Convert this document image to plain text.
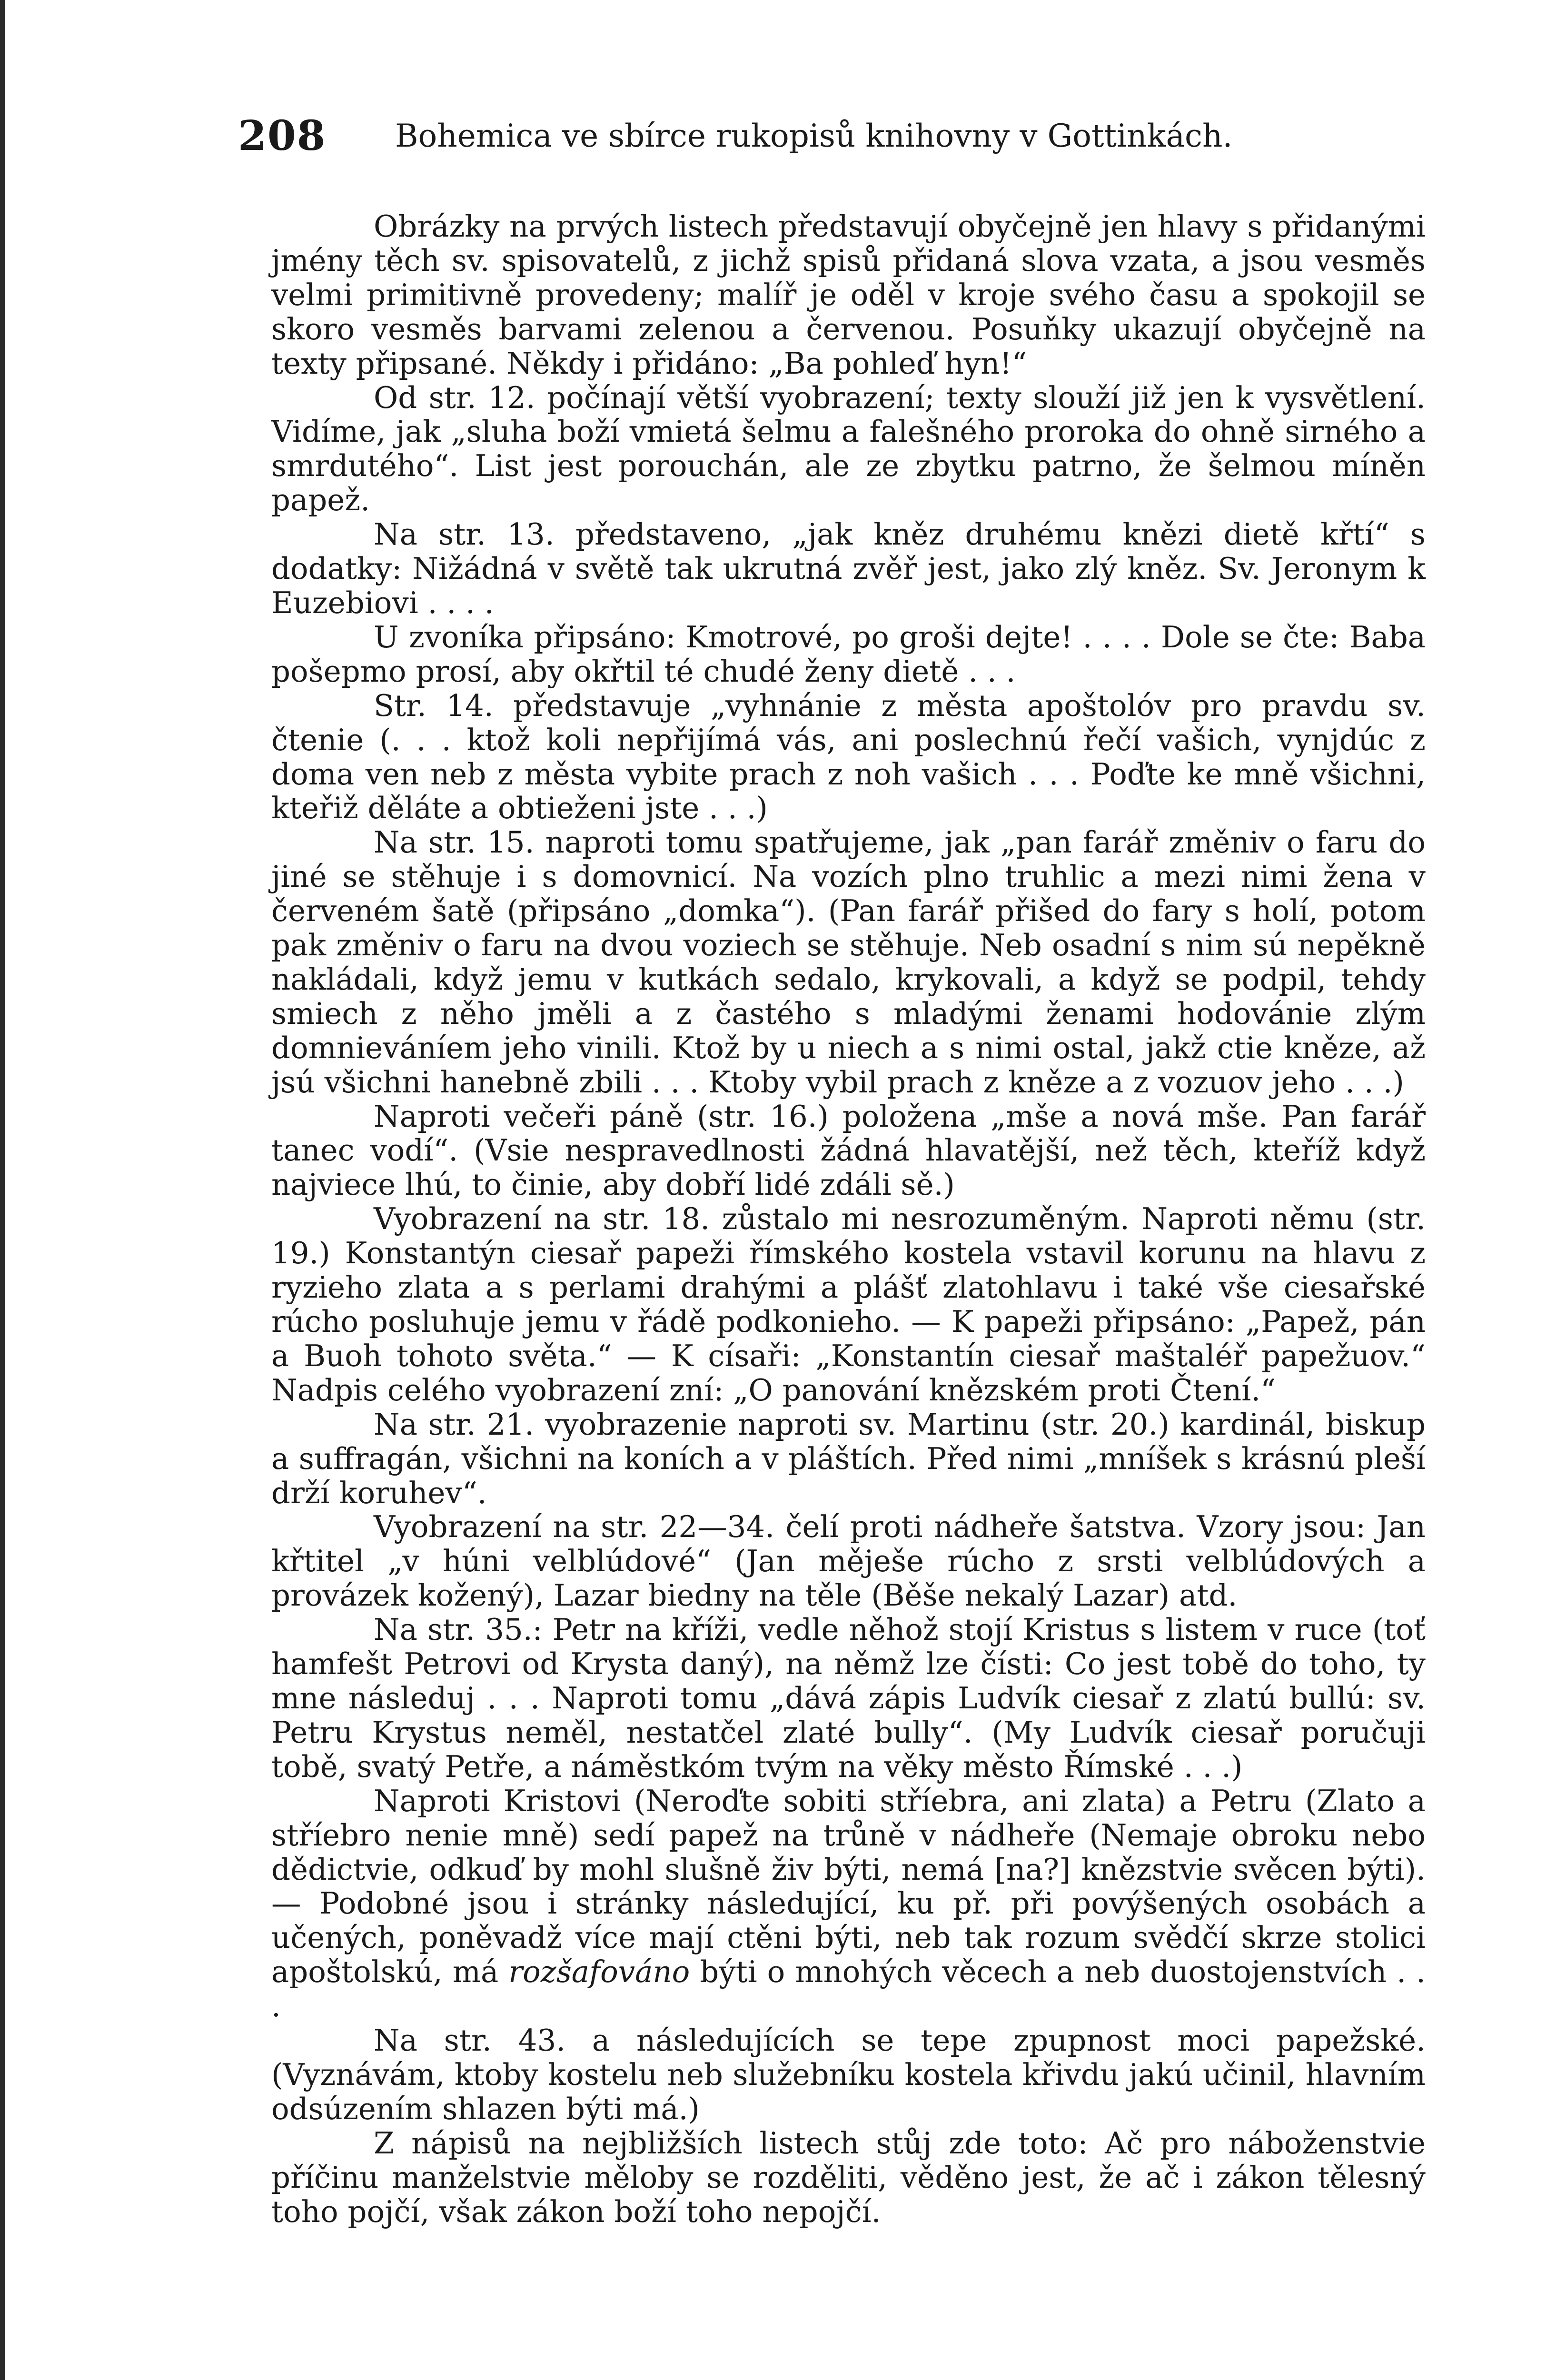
208 Bohemica ve sbírce rukopisů knihovny v Gottinkách.

Obrázky na prvých listech představují obyčejně jen hlavy s přidanými jmény těch sv. spisovatelů, z jichž spisů přidaná slova vzata, a jsou vesměs velmi primitivně provedeny; malíř je oděl v kroje svého času a spokojil se skoro vesměs barvami zelenou a červenou. Posuňky ukazují obyčejně na texty připsané. Někdy i přidáno: „Ba pohleď hyn!“

Od str. 12. počínají větší vyobrazení; texty slouží již jen k vysvětlení. Vidíme, jak „sluha boží vmietá šelmu a falešného proroka do ohně sirného a smrdutého“. List jest porouchán, ale ze zbytku patrno, že šelmou míněn papež.

Na str. 13. představeno, „jak kněz druhému knězi dietě křtí“ s dodatky: Nižádná v světě tak ukrutná zvěř jest, jako zlý kněz. Sv. Jeronym k Euzebiovi . . . .

U zvoníka připsáno: Kmotrové, po groši dejte! . . . . Dole se čte: Baba pošepmo prosí, aby okřtil té chudé ženy dietě . . .

Str. 14. představuje „vyhnánie z města apoštolóv pro pravdu sv. čtenie (. . . ktož koli nepřijímá vás, ani poslechnú řečí vašich, vynjdúc z doma ven neb z města vybite prach z noh vašich . . . Poďte ke mně všichni, kteřiž děláte a obtieženi jste . . .)

Na str. 15. naproti tomu spatřujeme, jak „pan farář změniv o faru do jiné se stěhuje i s domovnicí. Na vozích plno truhlic a mezi nimi žena v červeném šatě (připsáno „domka“). (Pan farář přišed do fary s holí, potom pak změniv o faru na dvou voziech se stěhuje. Neb osadní s nim sú nepěkně nakládali, když jemu v kutkách sedalo, krykovali, a když se podpil, tehdy smiech z něho jměli a z častého s mladými ženami hodovánie zlým domnieváníem jeho vinili. Ktož by u niech a s nimi ostal, jakž ctie kněze, až jsú všichni hanebně zbili . . . Ktoby vybil prach z kněze a z vozuov jeho . . .)

Naproti večeři páně (str. 16.) položena „mše a nová mše. Pan farář tanec vodí“. (Vsie nespravedlnosti žádná hlavatější, než těch, kteříž když najviece lhú, to činie, aby dobří lidé zdáli sě.)

Vyobrazení na str. 18. zůstalo mi nesrozuměným. Naproti němu (str. 19.) Konstantýn ciesař papeži římského kostela vstavil korunu na hlavu z ryzieho zlata a s perlami drahými a plášť zlatohlavu i také vše ciesařské rúcho posluhuje jemu v řádě podkonieho. — K papeži připsáno: „Papež, pán a Buoh tohoto světa.“ — K císaři: „Konstantín ciesař maštaléř papežuov.“ Nadpis celého vyobrazení zní: „O panování knězském proti Čtení.“

Na str. 21. vyobrazenie naproti sv. Martinu (str. 20.) kardinál, biskup a suffragán, všichni na koních a v pláštích. Před nimi „mníšek s krásnú pleší drží koruhev“.

Vyobrazení na str. 22—34. čelí proti nádheře šatstva. Vzory jsou: Jan křtitel „v húni velblúdové“ (Jan měješe rúcho z srsti velblúdových a provázek kožený), Lazar biedny na těle (Běše nekalý Lazar) atd.

Na str. 35.: Petr na kříži, vedle něhož stojí Kristus s listem v ruce (toť hamfešt Petrovi od Krysta daný), na němž lze čísti: Co jest tobě do toho, ty mne následuj . . . Naproti tomu „dává zápis Ludvík ciesař z zlatú bullú: sv. Petru Krystus neměl, nestatčel zlaté bully“. (My Ludvík ciesař poručuji tobě, svatý Petře, a náměstkóm tvým na věky město Římské . . .)

Naproti Kristovi (Neroďte sobiti stříebra, ani zlata) a Petru (Zlato a stříebro nenie mně) sedí papež na trůně v nádheře (Nemaje obroku nebo dědictvie, odkuď by mohl slušně živ býti, nemá [na?] knězstvie svěcen býti).— Podobné jsou i stránky následující, ku př. při povýšených osobách a učených, poněvadž více mají ctěni býti, neb tak rozum svědčí skrze stolici apoštolskú, má rozšafováno býti o mnohých věcech a neb duostojenstvích . . .

Na str. 43. a následujících se tepe zpupnost moci papežské. (Vyznávám, ktoby kostelu neb služebníku kostela křivdu jakú učinil, hlavním odsúzením shlazen býti má.)

Z nápisů na nejbližších listech stůj zde toto: Ač pro náboženstvie příčinu manželstvie měloby se rozděliti, věděno jest, že ač i zákon tělesný toho pojčí, však zákon boží toho nepojčí.
